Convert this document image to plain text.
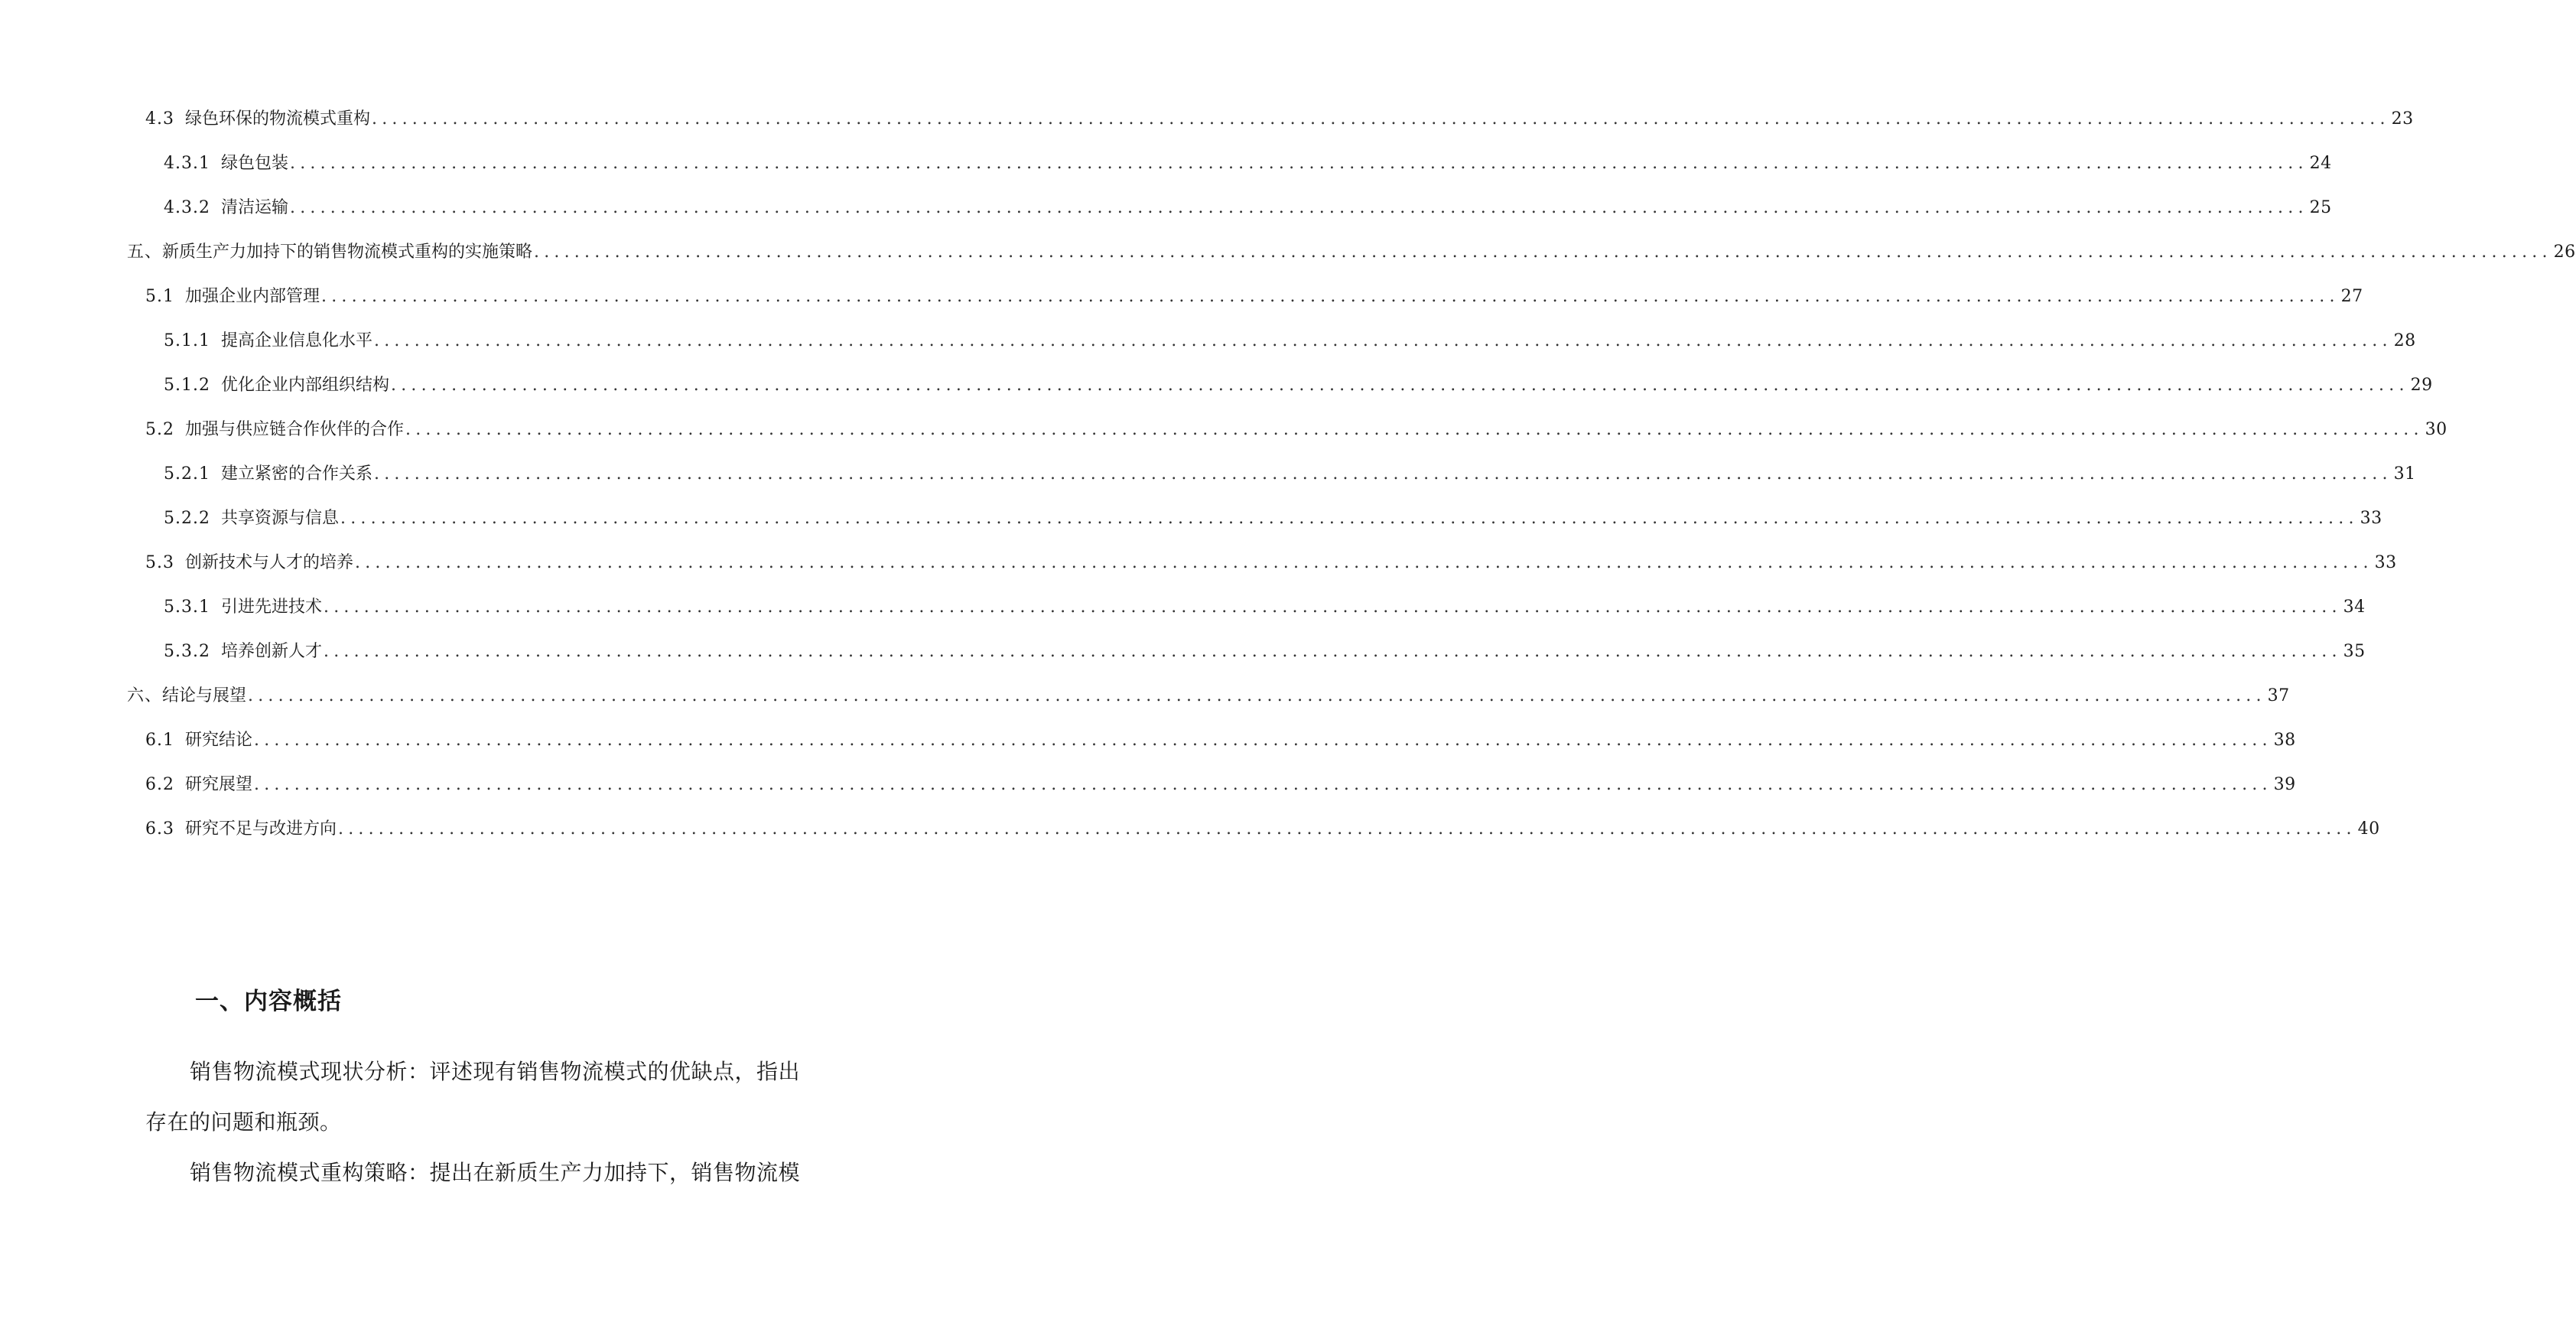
4.3 绿色环保的物流模式重构 ........................................................................................................................................................................................................ 23
4.3.1 绿色包装 ........................................................................................................................................................................................................ 24
4.3.2 清洁运输 ........................................................................................................................................................................................................ 25
五、 新质生产力加持下的销售物流模式重构的实施策略 ........................................................................................................................................................................................................ 26
5.1 加强企业内部管理 ........................................................................................................................................................................................................ 27
5.1.1 提高企业信息化水平 ........................................................................................................................................................................................................ 28
5.1.2 优化企业内部组织结构 ........................................................................................................................................................................................................ 29
5.2 加强与供应链合作伙伴的合作 ........................................................................................................................................................................................................ 30
5.2.1 建立紧密的合作关系 ........................................................................................................................................................................................................ 31
5.2.2 共享资源与信息 ........................................................................................................................................................................................................ 33
5.3 创新技术与人才的培养 ........................................................................................................................................................................................................ 33
5.3.1 引进先进技术 ........................................................................................................................................................................................................ 34
5.3.2 培养创新人才 ........................................................................................................................................................................................................ 35
六、 结论与展望 ........................................................................................................................................................................................................ 37
6.1 研究结论 ........................................................................................................................................................................................................ 38
6.2 研究展望 ........................................................................................................................................................................................................ 39
6.3 研究不足与改进方向 ........................................................................................................................................................................................................ 40
一、内容概括

销售物流模式现状分析：评述现有销售物流模式的优缺点，指出存在的问题和瓶颈。

销售物流模式重构策略：提出在新质生产力加持下，销售物流模
